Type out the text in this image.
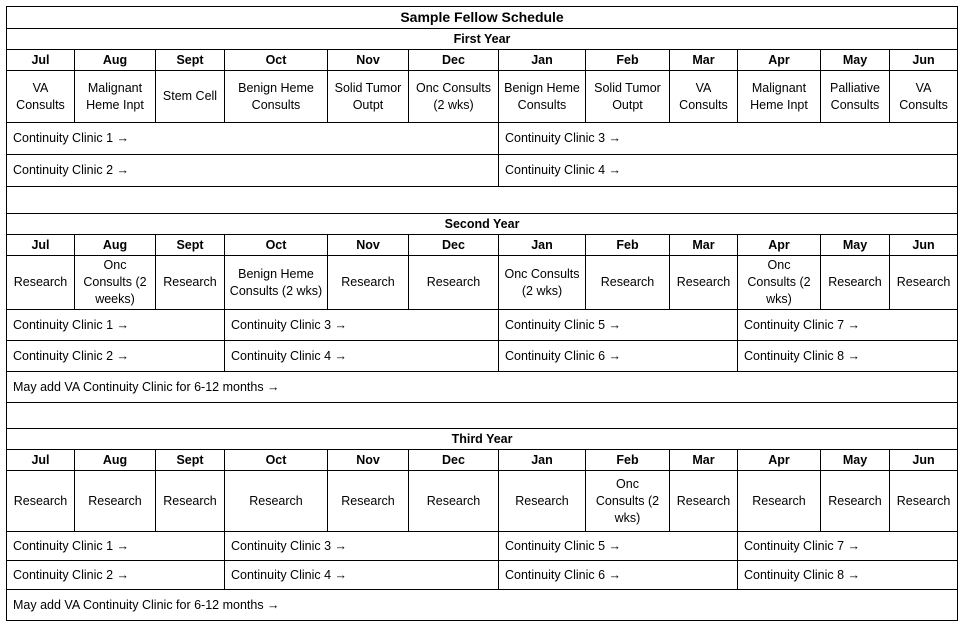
Sample Fellow Schedule											
First Year											
Jul	Aug	Sept	Oct	Nov	Dec	Jan	Feb	Mar	Apr	May	Jun
VA Consults	Malignant Heme Inpt	Stem Cell	Benign Heme Consults	Solid Tumor Outpt	Onc Consults (2 wks)	Benign Heme Consults	Solid Tumor Outpt	VA Consults	Malignant Heme Inpt	Palliative Consults	VA Consults
Continuity Clinic 1 →						Continuity Clinic 3 →					
Continuity Clinic 2 →						Continuity Clinic 4 →					

Second Year											
Jul	Aug	Sept	Oct	Nov	Dec	Jan	Feb	Mar	Apr	May	Jun
Research	Onc Consults (2 weeks)	Research	Benign Heme Consults (2 wks)	Research	Research	Onc Consults (2 wks)	Research	Research	Onc Consults (2 wks)	Research	Research
Continuity Clinic 1 →			Continuity Clinic 3 →			Continuity Clinic 5 →			Continuity Clinic 7 →		
Continuity Clinic 2 →			Continuity Clinic 4 →			Continuity Clinic 6 →			Continuity Clinic 8 →		
May add VA Continuity Clinic for 6-12 months →											

Third Year											
Jul	Aug	Sept	Oct	Nov	Dec	Jan	Feb	Mar	Apr	May	Jun
Research	Research	Research	Research	Research	Research	Research	Onc Consults (2 wks)	Research	Research	Research	Research
Continuity Clinic 1 →			Continuity Clinic 3 →			Continuity Clinic 5 →			Continuity Clinic 7 →		
Continuity Clinic 2 →			Continuity Clinic 4 →			Continuity Clinic 6 →			Continuity Clinic 8 →		
May add VA Continuity Clinic for 6-12 months →											
